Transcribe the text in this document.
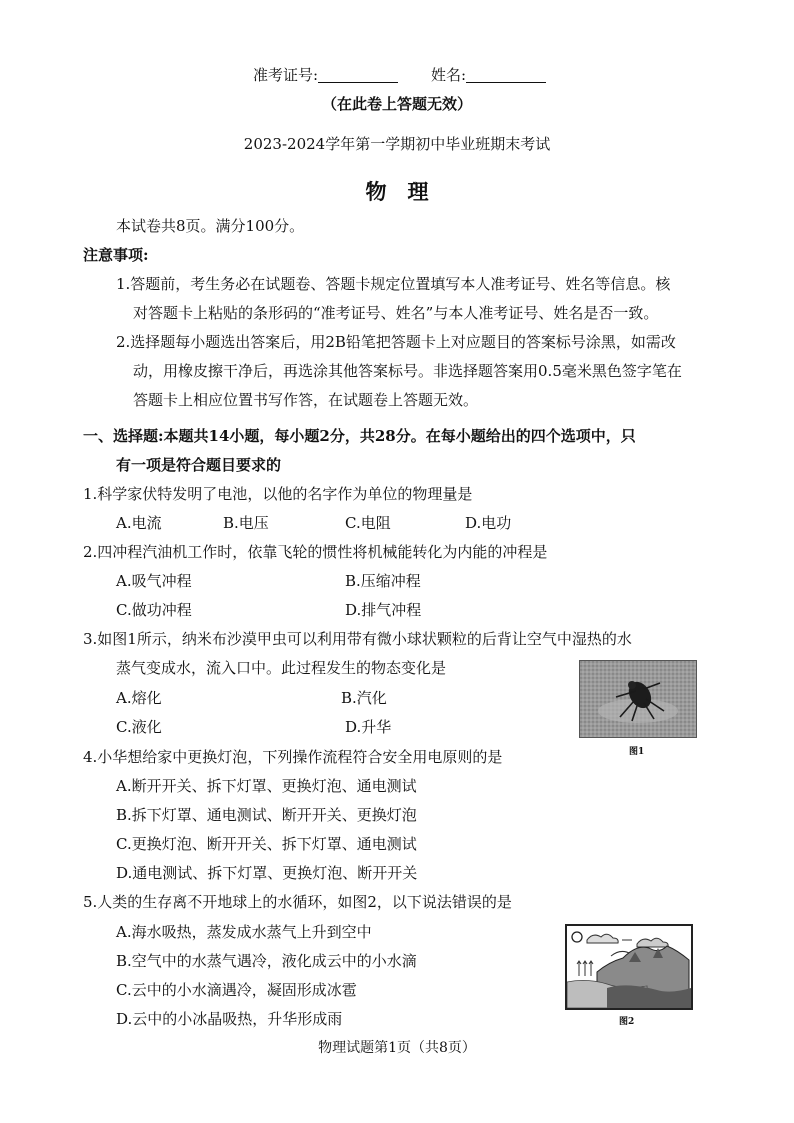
准考证号:	姓名:
（在此卷上答题无效）
2023-2024学年第一学期初中毕业班期末考试
物　理
本试卷共8页。满分100分。
注意事项:
1.答题前，考生务必在试题卷、答题卡规定位置填写本人准考证号、姓名等信息。核
对答题卡上粘贴的条形码的“准考证号、姓名”与本人准考证号、姓名是否一致。
2.选择题每小题选出答案后，用2B铅笔把答题卡上对应题目的答案标号涂黑，如需改
动，用橡皮擦干净后，再选涂其他答案标号。非选择题答案用0.5毫米黑色签字笔在
答题卡上相应位置书写作答，在试题卷上答题无效。
一、选择题:本题共14小题，每小题2分，共28分。在每小题给出的四个选项中，只
有一项是符合题目要求的
1.科学家伏特发明了电池，以他的名字作为单位的物理量是
A.电流	B.电压	C.电阻	D.电功
2.四冲程汽油机工作时，依靠飞轮的惯性将机械能转化为内能的冲程是
A.吸气冲程	B.压缩冲程
C.做功冲程	D.排气冲程
3.如图1所示，纳米布沙漠甲虫可以利用带有微小球状颗粒的后背让空气中湿热的水
蒸气变成水，流入口中。此过程发生的物态变化是
A.熔化	B.汽化
C.液化	D.升华
图1
4.小华想给家中更换灯泡，下列操作流程符合安全用电原则的是
A.断开开关、拆下灯罩、更换灯泡、通电测试
B.拆下灯罩、通电测试、断开开关、更换灯泡
C.更换灯泡、断开开关、拆下灯罩、通电测试
D.通电测试、拆下灯罩、更换灯泡、断开开关
5.人类的生存离不开地球上的水循环，如图2，以下说法错误的是
A.海水吸热，蒸发成水蒸气上升到空中
B.空气中的水蒸气遇冷，液化成云中的小水滴
C.云中的小水滴遇冷，凝固形成冰雹
D.云中的小冰晶吸热，升华形成雨	图2
物理试题第1页（共8页）
